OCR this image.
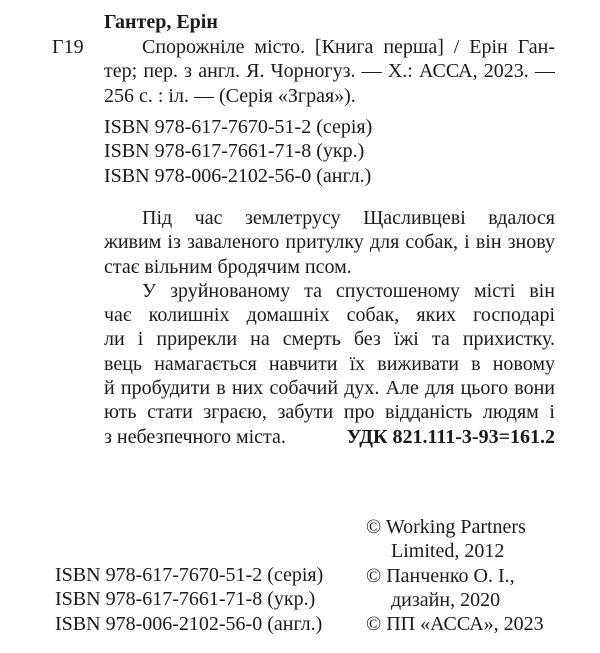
Гантер, Ерін
Г19	Спорожніле місто. [Книга перша] / Ерін Ган-
тер; пер. з англ. Я. Чорногуз. — Х.: АССА, 2023. —
256 с. : іл. — (Серія «Зграя»).
ISBN 978-617-7670-51-2 (серія)
ISBN 978-617-7661-71-8 (укр.)
ISBN 978-006-2102-56-0 (англ.)
Під час землетрусу Щасливцеві вдалося
живим із заваленого притулку для собак, і він знову
стає вільним бродячим псом.
У зруйнованому та спустошеному місті він
чає колишніх домашніх собак, яких господарі
ли і прирекли на смерть без їжі та прихистку.
вець намагається навчити їх виживати в новому
й пробудити в них собачий дух. Але для цього вони
ють стати зграєю, забути про відданість людям і
з небезпечного міста.	УДК 821.111-3-93=161.2
© Working Partners
Limited, 2012
© Панченко О. І.,
дизайн, 2020
© ПП «АССА», 2023
ISBN 978-617-7670-51-2 (серія)
ISBN 978-617-7661-71-8 (укр.)
ISBN 978-006-2102-56-0 (англ.)
